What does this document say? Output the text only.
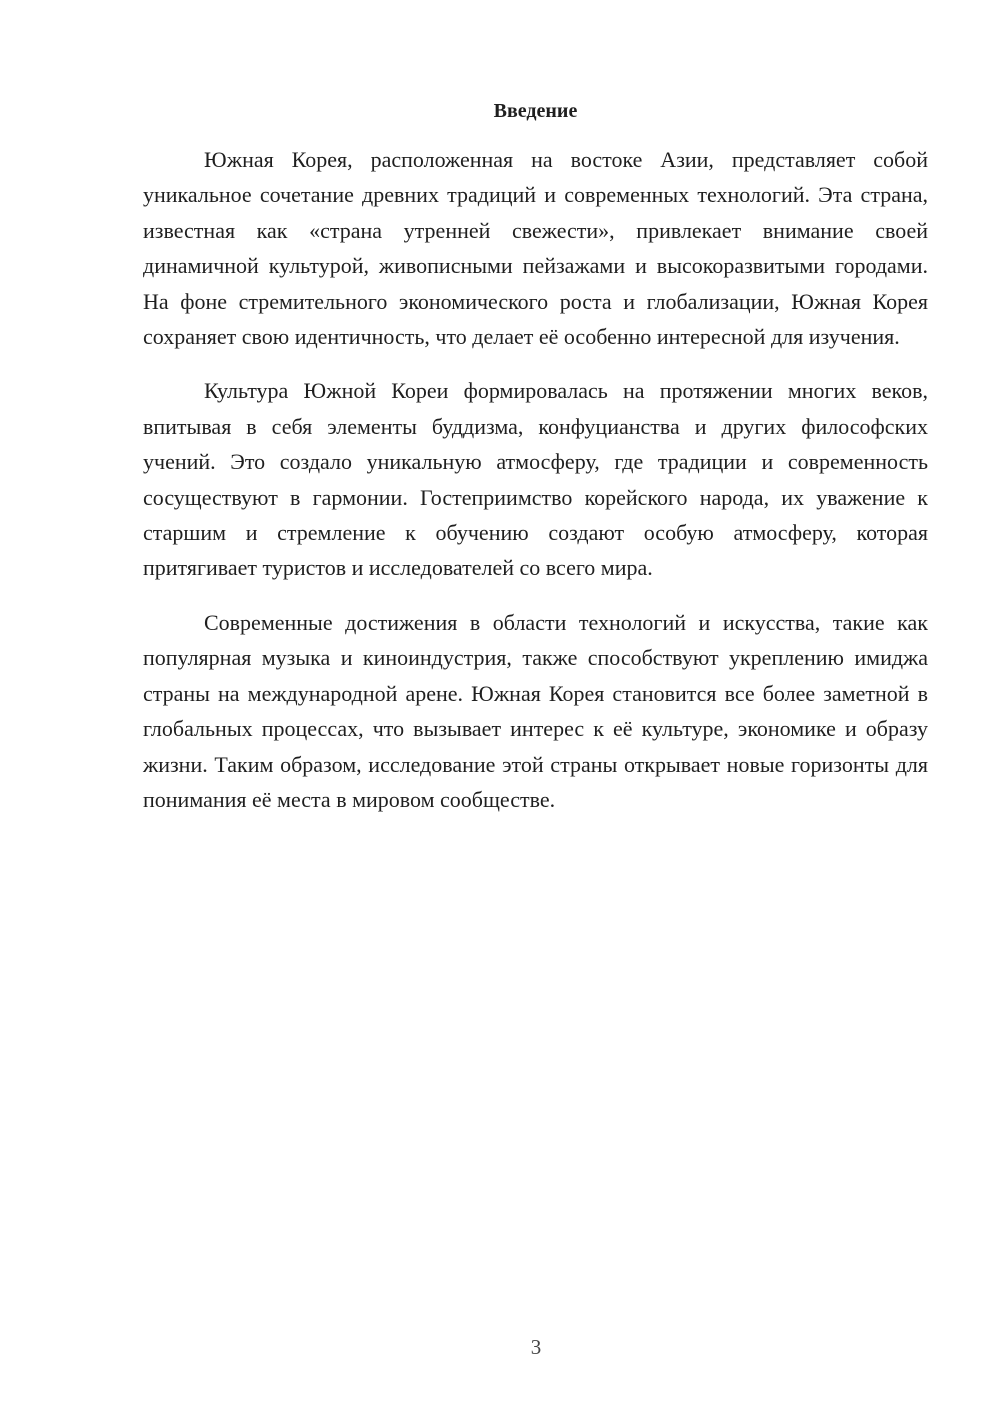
Введение

Южная Корея, расположенная на востоке Азии, представляет собой уникальное сочетание древних традиций и современных технологий. Эта страна, известная как «страна утренней свежести», привлекает внимание своей динамичной культурой, живописными пейзажами и высокоразвитыми городами. На фоне стремительного экономического роста и глобализации, Южная Корея сохраняет свою идентичность, что делает её особенно интересной для изучения.

Культура Южной Кореи формировалась на протяжении многих веков, впитывая в себя элементы буддизма, конфуцианства и других философских учений. Это создало уникальную атмосферу, где традиции и современность сосуществуют в гармонии. Гостеприимство корейского народа, их уважение к старшим и стремление к обучению создают особую атмосферу, которая притягивает туристов и исследователей со всего мира.

Современные достижения в области технологий и искусства, такие как популярная музыка и киноиндустрия, также способствуют укреплению имиджа страны на международной арене. Южная Корея становится все более заметной в глобальных процессах, что вызывает интерес к её культуре, экономике и образу жизни. Таким образом, исследование этой страны открывает новые горизонты для понимания её места в мировом сообществе.

3
